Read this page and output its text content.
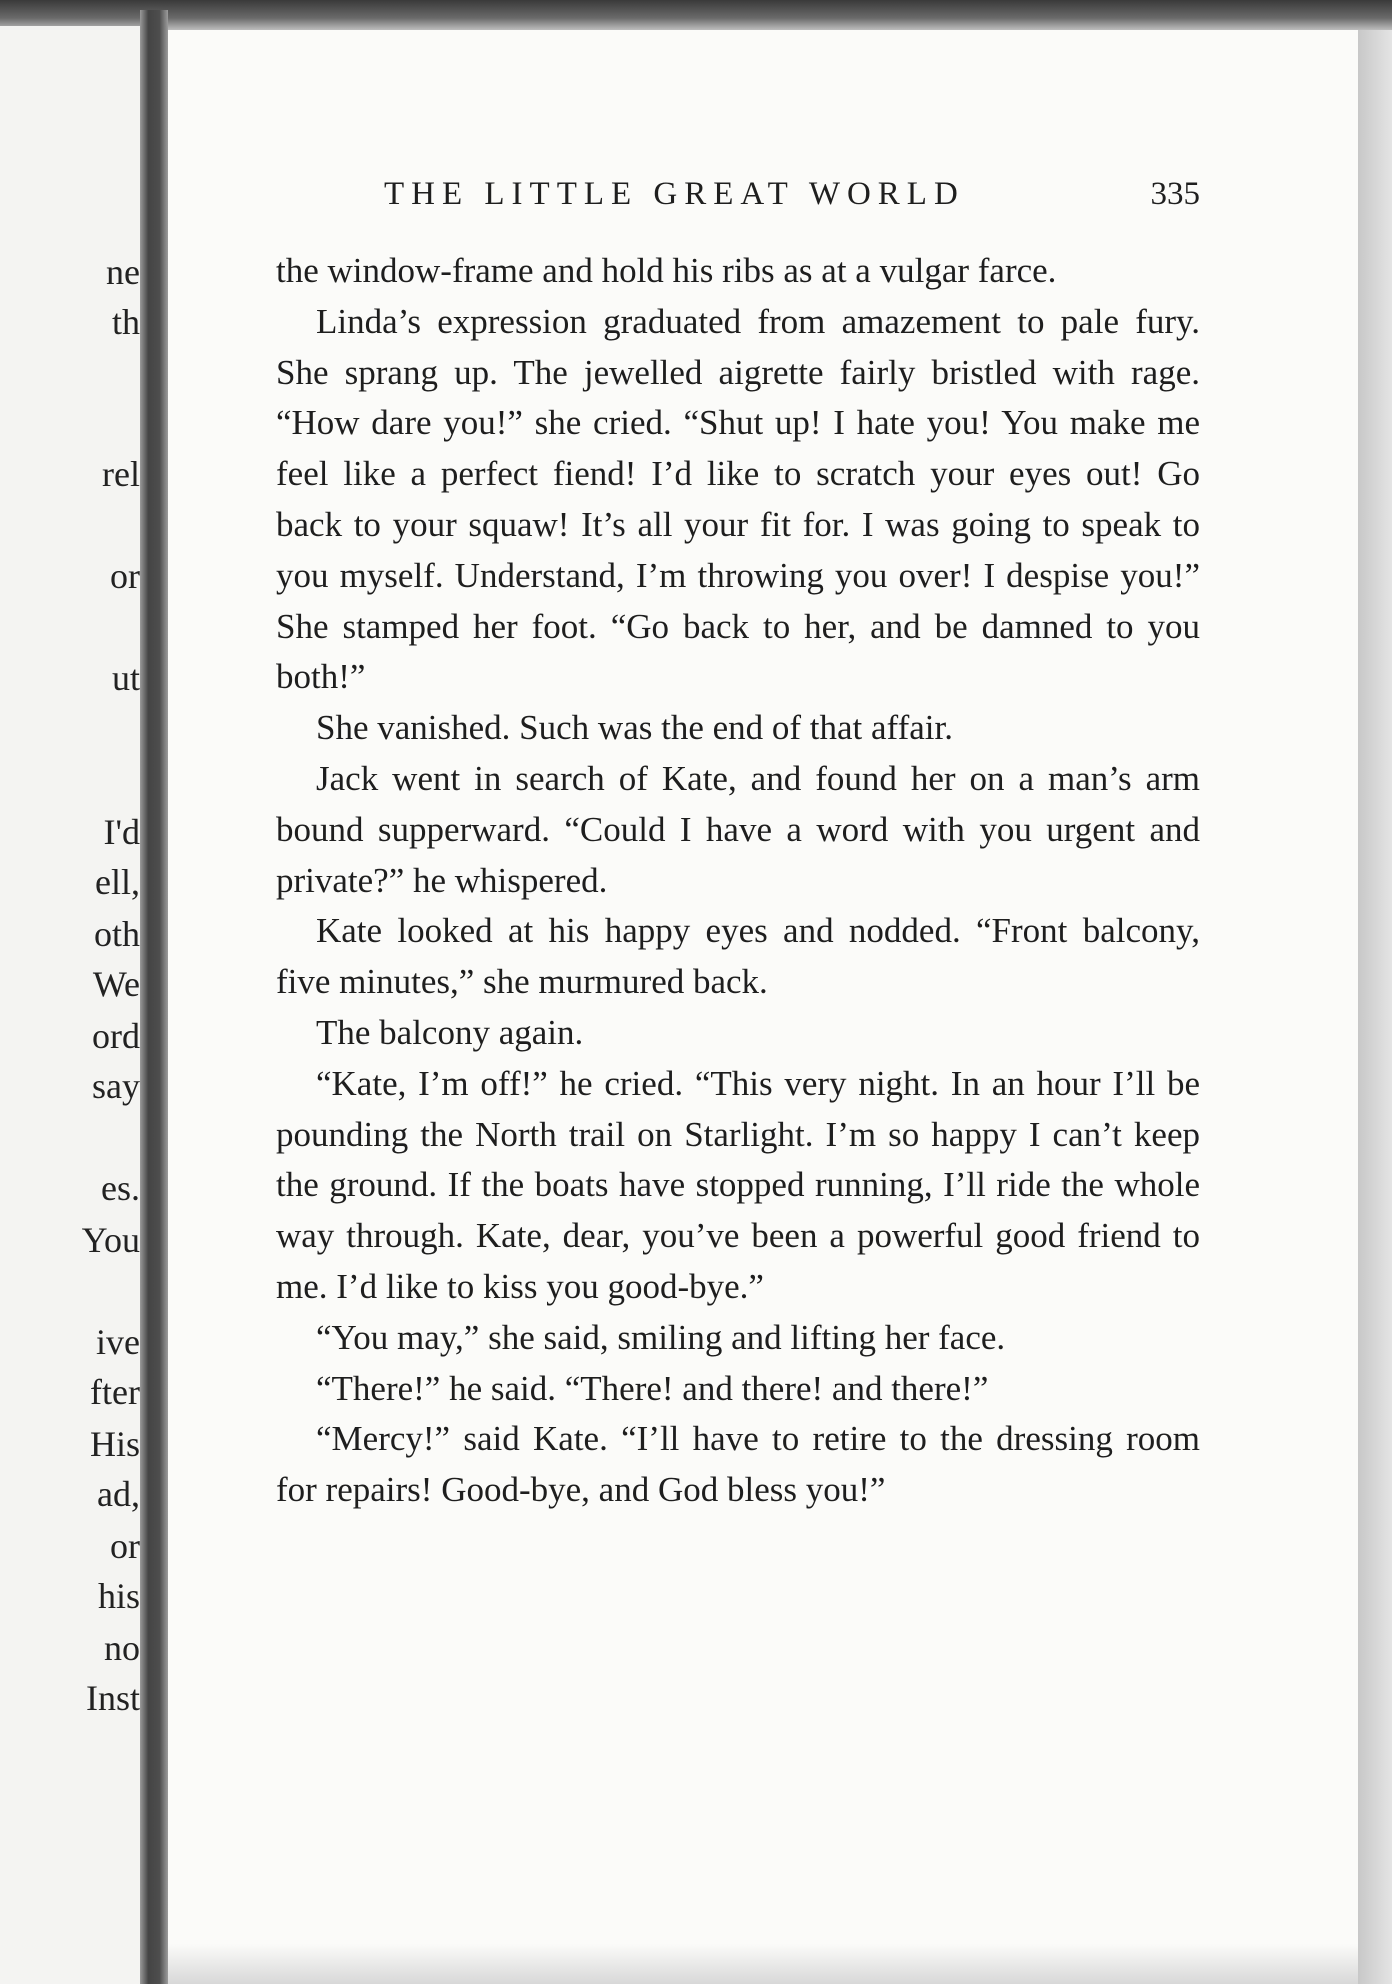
ne

th

rel

or

ut

I'd

ell,

oth

We

ord

say

es.

You

ive

fter

His

ad,

or

his

no

Inst

THE LITTLE GREAT WORLD	335

the window-frame and hold his ribs as at a vulgar farce.

Linda’s expression graduated from amazement to pale fury. She sprang up. The jewelled aigrette fairly bristled with rage. “How dare you!” she cried. “Shut up! I hate you! You make me feel like a perfect fiend! I’d like to scratch your eyes out! Go back to your squaw! It’s all your fit for. I was going to speak to you myself. Understand, I’m throwing you over! I despise you!” She stamped her foot. “Go back to her, and be damned to you both!”

She vanished. Such was the end of that affair.

Jack went in search of Kate, and found her on a man’s arm bound supperward. “Could I have a word with you urgent and private?” he whispered.

Kate looked at his happy eyes and nodded. “Front balcony, five minutes,” she murmured back.

The balcony again.

“Kate, I’m off!” he cried. “This very night. In an hour I’ll be pounding the North trail on Starlight. I’m so happy I can’t keep the ground. If the boats have stopped running, I’ll ride the whole way through. Kate, dear, you’ve been a powerful good friend to me. I’d like to kiss you good-bye.”

“You may,” she said, smiling and lifting her face.

“There!” he said. “There! and there! and there!”

“Mercy!” said Kate. “I’ll have to retire to the dressing room for repairs! Good-bye, and God bless you!”
